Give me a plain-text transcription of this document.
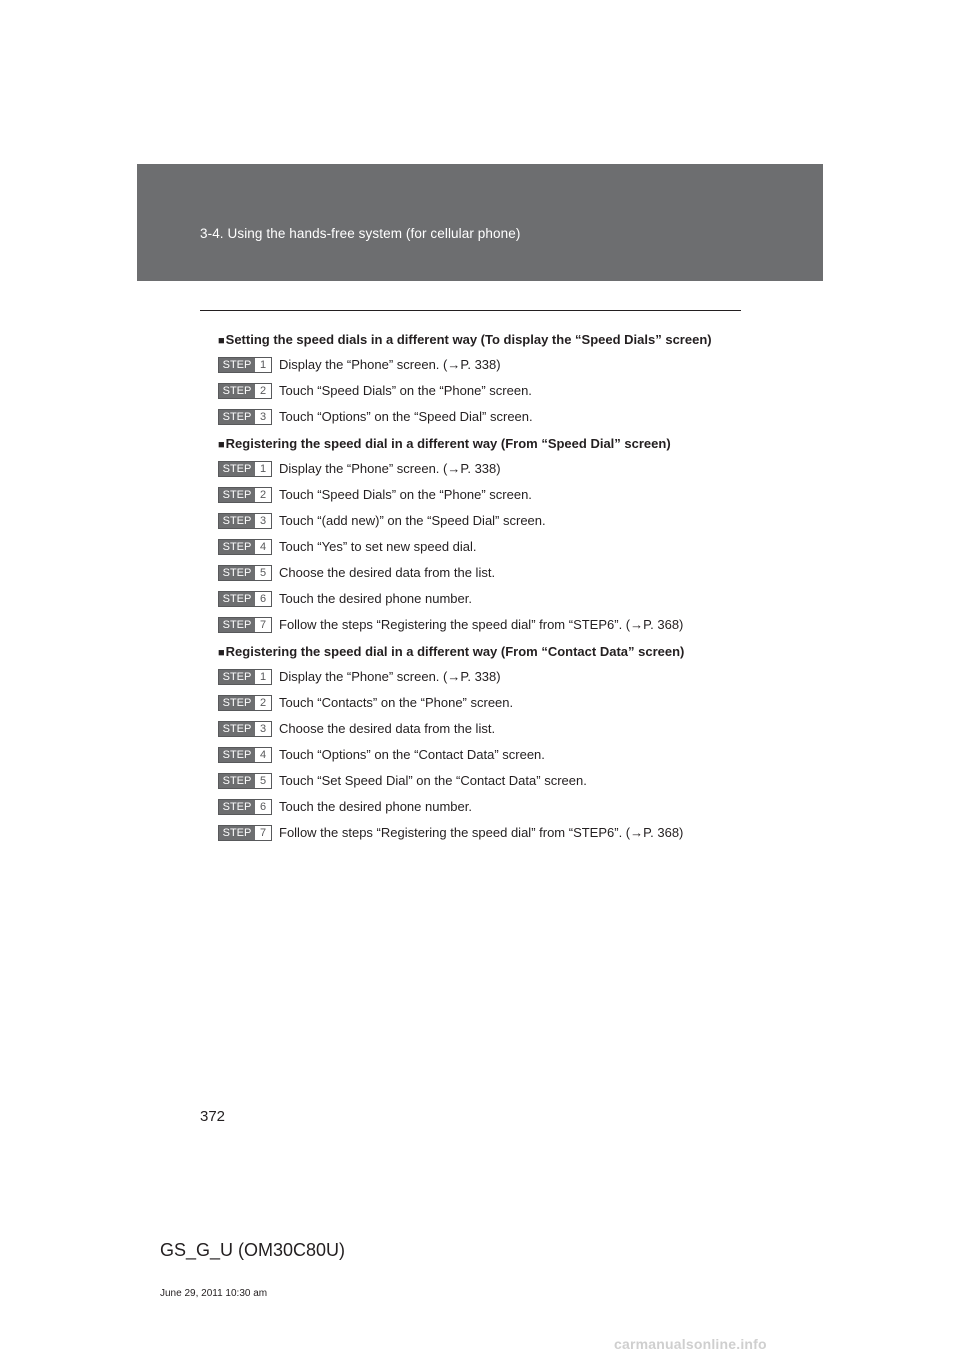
3-4. Using the hands-free system (for cellular phone)
■Setting the speed dials in a different way (To display the “Speed Dials” screen)
STEP 1 Display the “Phone” screen. (→P. 338)
STEP 2 Touch “Speed Dials” on the “Phone” screen.
STEP 3 Touch “Options” on the “Speed Dial” screen.
■Registering the speed dial in a different way (From “Speed Dial” screen)
STEP 1 Display the “Phone” screen. (→P. 338)
STEP 2 Touch “Speed Dials” on the “Phone” screen.
STEP 3 Touch “(add new)” on the “Speed Dial” screen.
STEP 4 Touch “Yes” to set new speed dial.
STEP 5 Choose the desired data from the list.
STEP 6 Touch the desired phone number.
STEP 7 Follow the steps “Registering the speed dial” from “STEP6”. (→P. 368)
■Registering the speed dial in a different way (From “Contact Data” screen)
STEP 1 Display the “Phone” screen. (→P. 338)
STEP 2 Touch “Contacts” on the “Phone” screen.
STEP 3 Choose the desired data from the list.
STEP 4 Touch “Options” on the “Contact Data” screen.
STEP 5 Touch “Set Speed Dial” on the “Contact Data” screen.
STEP 6 Touch the desired phone number.
STEP 7 Follow the steps “Registering the speed dial” from “STEP6”. (→P. 368)
372
GS_G_U (OM30C80U)
June 29, 2011 10:30 am
carmanualsonline.info
